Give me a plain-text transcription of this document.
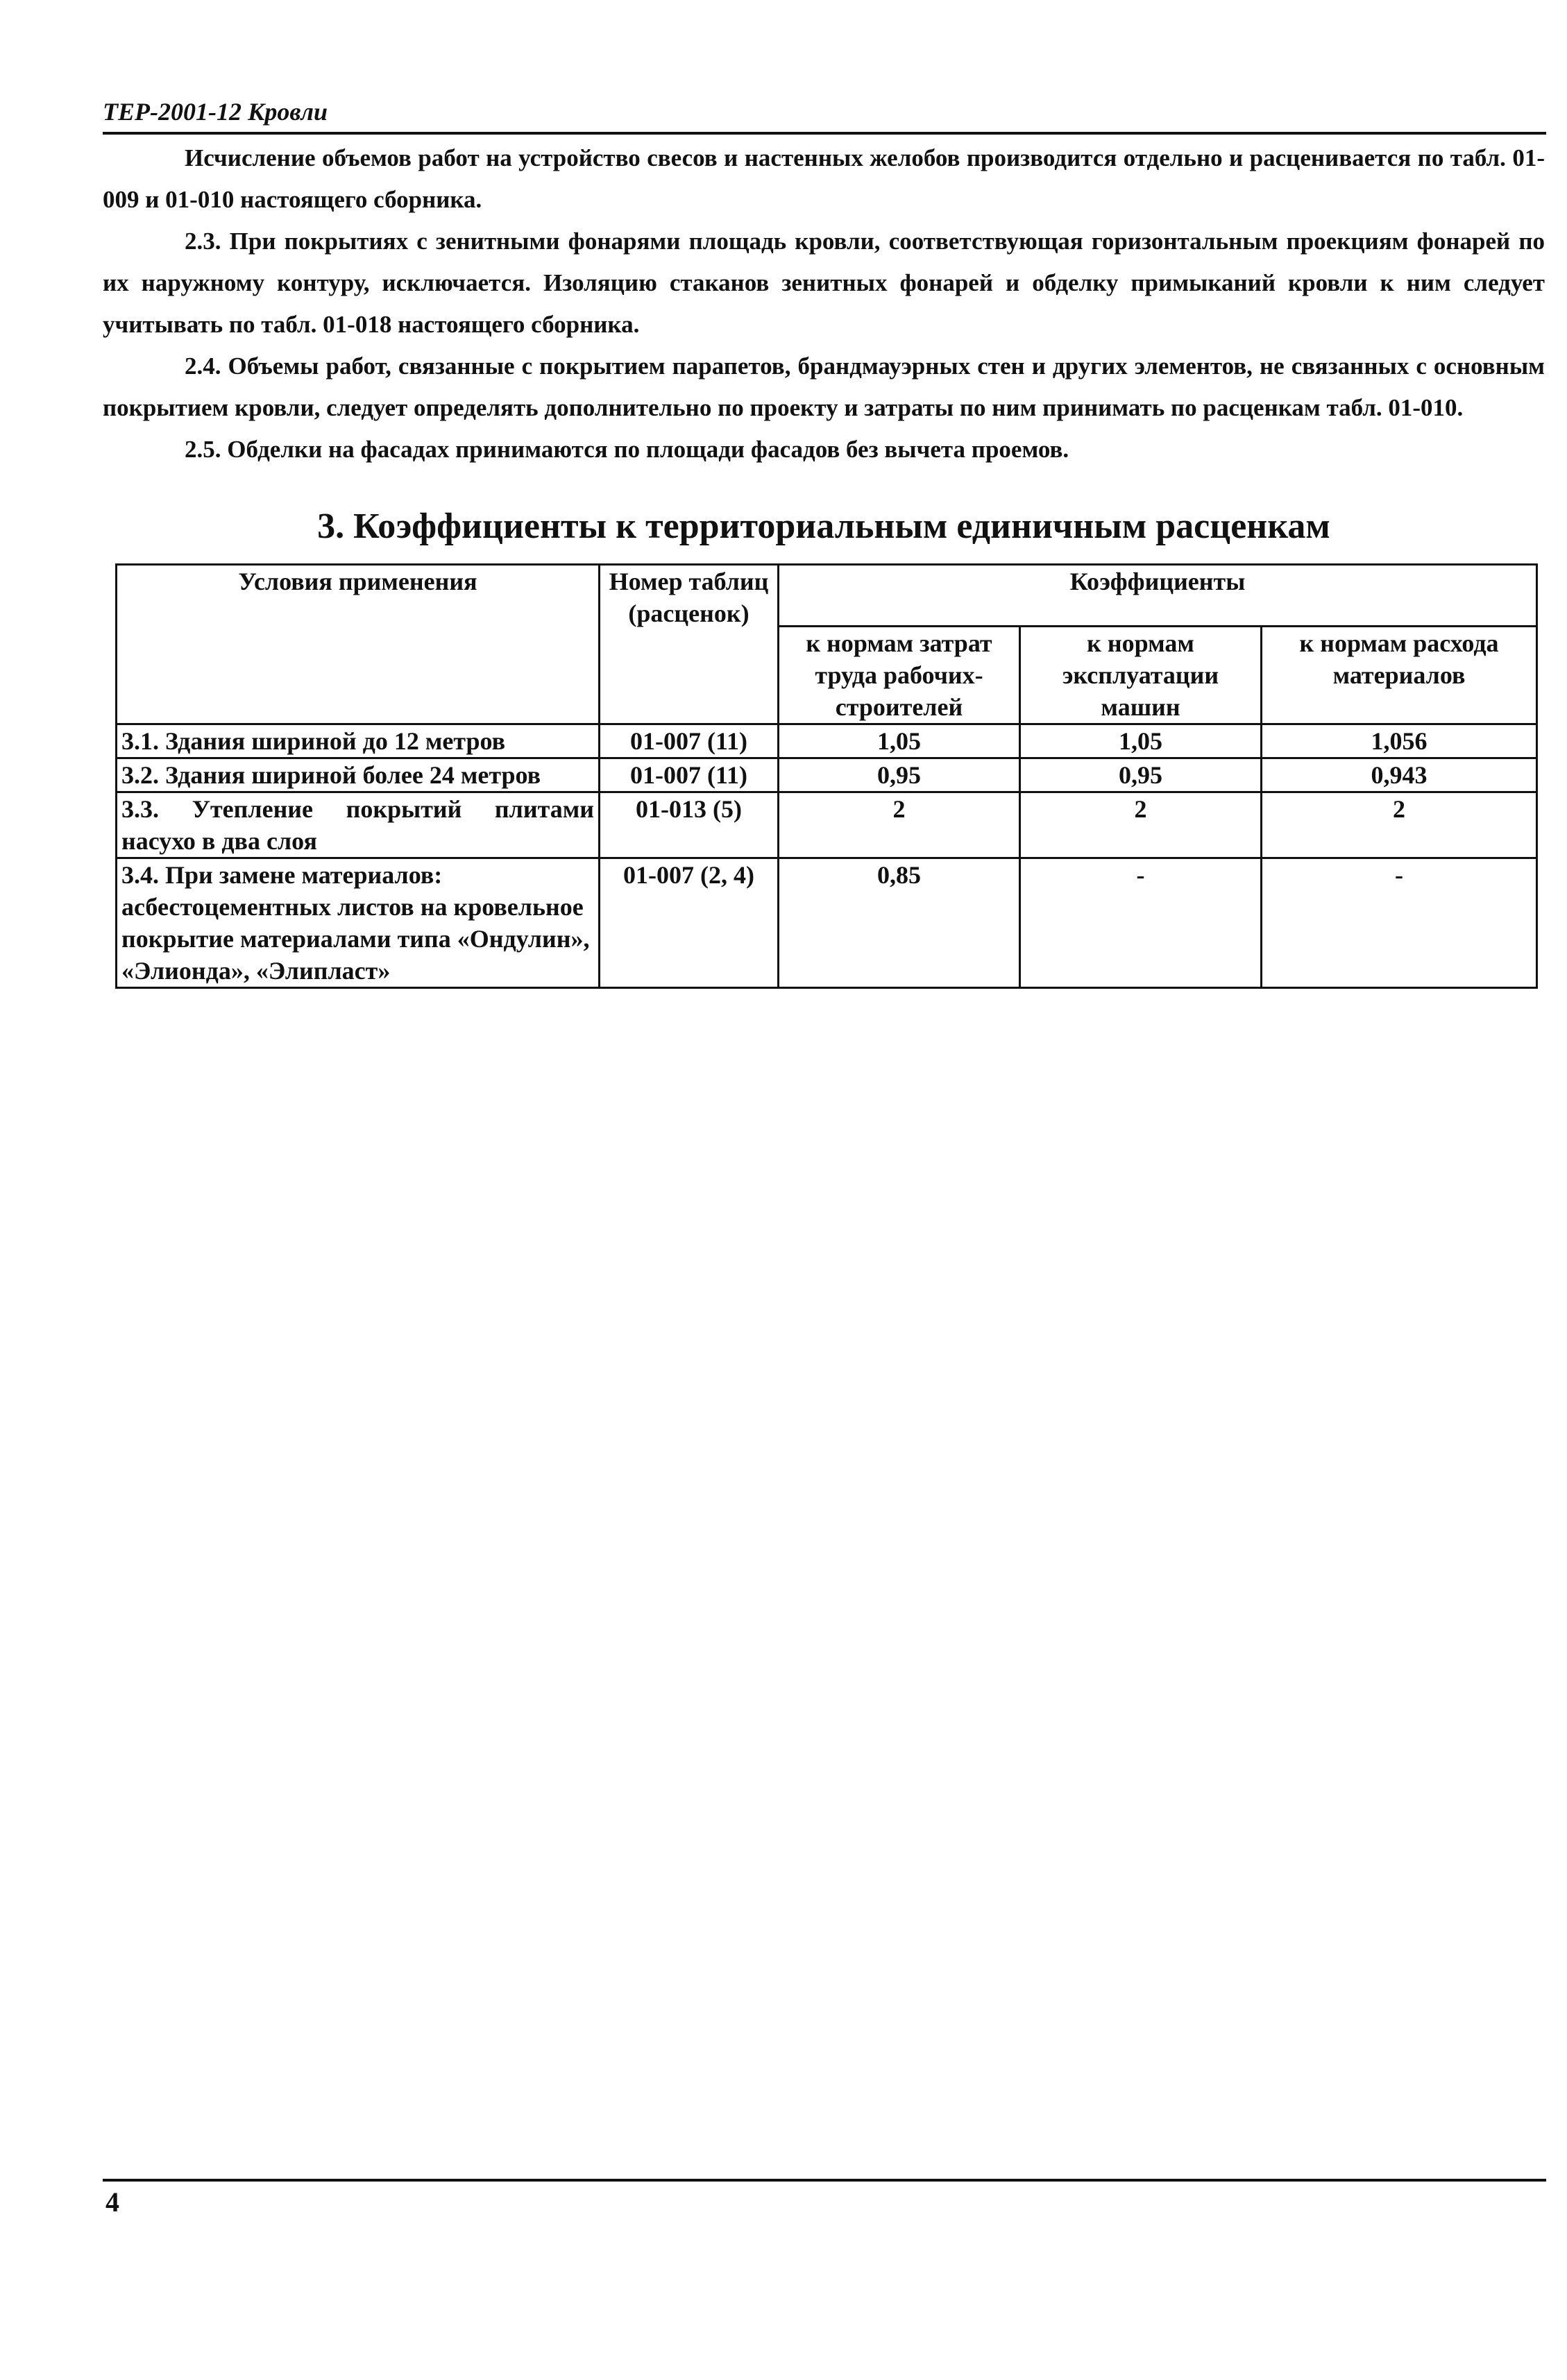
ТЕР-2001-12 Кровли

Исчисление объемов работ на устройство свесов и настенных желобов производится отдельно и расценивается по табл. 01-009 и 01-010 настоящего сборника.

2.3. При покрытиях с зенитными фонарями площадь кровли, соответствующая горизонтальным проекциям фонарей по их наружному контуру, исключается. Изоляцию стаканов зенитных фонарей и обделку примыканий кровли к ним следует учитывать по табл. 01-018 настоящего сборника.

2.4. Объемы работ, связанные с покрытием парапетов, брандмауэрных стен и других элементов, не связанных с основным покрытием кровли, следует определять дополнительно по проекту и затраты по ним принимать по расценкам табл. 01-010.

2.5. Обделки на фасадах принимаются по площади фасадов без вычета проемов.

3. Коэффициенты к территориальным единичным расценкам
Условия применения	Номер таблиц (расценок)	Коэффициенты		
		к нормам затрат труда рабочих-строителей	к нормам эксплуатации машин	к нормам расхода материалов
3.1. Здания шириной до 12 метров	01-007 (11)	1,05	1,05	1,056
3.2. Здания шириной более 24 метров	01-007 (11)	0,95	0,95	0,943
3.3. Утепление покрытий плитами насухо в два слоя	01-013 (5)	2	2	2
3.4. При замене материалов: асбестоцементных листов на кровельное покрытие материалами типа «Ондулин», «Элионда», «Элипласт»	01-007 (2, 4)	0,85	-	-
4
